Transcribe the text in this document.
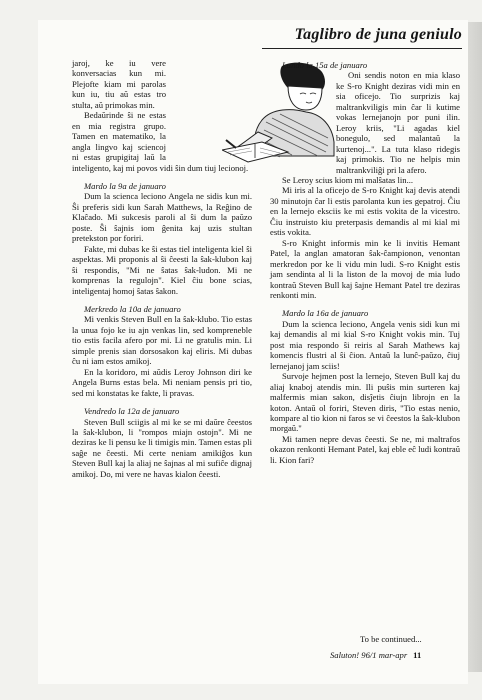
Taglibro de juna geniulo

jaroj, ke iu vere konversacias kun mi. Plejofte kiam mi parolas kun iu, tiu aŭ estas tro stulta, aŭ primokas min.

Bedaŭrinde ŝi ne estas en mia registra grupo. Tamen en matematiko, la angla lingvo kaj sciencoj ni estas grupigitaj laŭ la inteligento, kaj mi povos vidi ŝin dum tiuj lecionoj.

Mardo la 9a de januaro

Dum la scienca leciono Angela ne sidis kun mi. Ŝi preferis sidi kun Sarah Matthews, la Reĝino de Klaĉado. Mi sukcesis paroli al ŝi dum la paŭzo poste. Ŝi ŝajnis iom ĝenita kaj uzis stultan pretekston por foriri.

Fakte, mi dubas ke ŝi estas tiel inteligenta kiel ŝi aspektas. Mi proponis al ŝi ĉeesti la ŝak-klubon kaj ŝi respondis, "Mi ne ŝatas ŝak-ludon. Mi ne komprenas la regulojn". Kiel ĉiu bone scias, inteligentaj homoj ŝatas ŝakon.

Merkredo la 10a de januaro

Mi venkis Steven Bull en la ŝak-klubo. Tio estas la unua fojo ke iu ajn venkas lin, sed kompreneble tio estis facila afero por mi. Li ne gratulis min. Li simple prenis sian dorsosakon kaj eliris. Mi dubas ĉu ni iam estos amikoj.

En la koridoro, mi aŭdis Leroy Johnson diri ke Angela Burns estas bela. Mi neniam pensis pri tio, sed mi konstatas ke fakte, li pravas.

Vendredo la 12a de januaro

Steven Bull sciigis al mi ke se mi daŭre ĉeestos la ŝak-klubon, li "rompos miajn ostojn". Mi ne deziras ke li pensu ke li timigis min. Tamen estas pli saĝe ne ĉeesti. Mi certe neniam amikiĝos kun Steven Bull kaj la aliaj ne ŝajnas al mi sufiĉe dignaj amikoj. Do, mi vere ne havas kialon ĉeesti.

Lundo la 15a de januaro

Oni sendis noton en mia klaso ke S-ro Knight deziras vidi min en sia oficejo. Tio surprizis kaj maltrankviligis min ĉar li kutime vokas lernejanojn por puni ilin. Leroy kriis, "Li agadas kiel bonegulo, sed malantaŭ la kurtenoj...". La tuta klaso ridegis kaj primokis. Tio ne helpis min maltrankviliĝi pri la afero.

Se Leroy scius kiom mi malŝatas lin...

Mi iris al la oficejo de S-ro Knight kaj devis atendi 30 minutojn ĉar li estis parolanta kun ies gepatroj. Ĉiu en la lernejo eksciis ke mi estis vokita de la vicestro. Ĉiu instruisto kiu preterpasis demandis al mi kial mi estis vokita.

S-ro Knight informis min ke li invitis Hemant Patel, la anglan amatoran ŝak-ĉampionon, venontan merkredon por ke li vidu min ludi. S-ro Knight estis jam sendinta al li la liston de la movoj de mia ludo kontraŭ Steven Bull kaj ŝajne Hemant Patel tre deziras renkonti min.

Mardo la 16a de januaro

Dum la scienca leciono, Angela venis sidi kun mi kaj demandis al mi kial S-ro Knight vokis min. Tuj post mia respondo ŝi reiris al Sarah Mathews kaj komencis flustri al ŝi ĉion. Antaŭ la lunĉ-paŭzo, ĉiuj lernejanoj jam sciis!

Survoje hejmen post la lernejo, Steven Bull kaj du aliaj knaboj atendis min. Ili puŝis min surteren kaj malfermis mian sakon, disĵetis ĉiujn librojn en la koton. Antaŭ ol foriri, Steven diris, "Tio estas nenio, kompare al tio kion ni faros se vi ĉeestos la ŝak-klubon morgaŭ."

Mi tamen nepre devas ĉeesti. Se ne, mi maltrafos okazon renkonti Hemant Patel, kaj eble eĉ ludi kontraŭ li. Kion fari?

To be continued...
Saluton! 96/1 mar-apr 11
